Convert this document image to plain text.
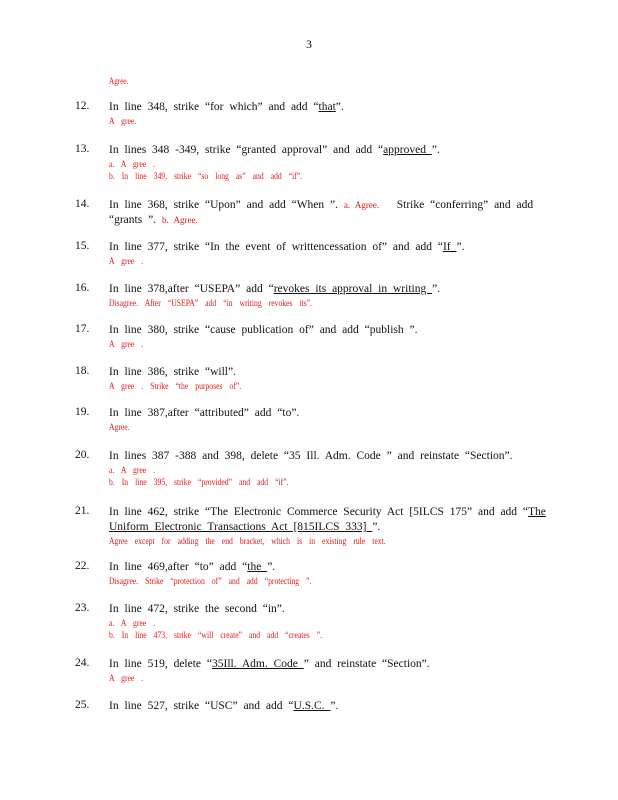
3
Agree.
12.	In line 348, strike “for which” and add “that”.
A gree.
13.	In lines 348 -349, strike “granted approval” and add “approved ”.
a. A gree .
b. In line 349, strike “so long as” and add “if”.
14.	In line 368, strike “Upon” and add “When ”. a. Agree. Strike “conferring” and add
“grants ”. b. Agree.
15.	In line 377, strike “In the event of writtencessation of” and add “If ”.
A gree .
16.	In line 378,after “USEPA” add “revokes its approval in writing ”.
Disagree. After “USEPA” add “in writing revokes its”.
17.	In line 380, strike “cause publication of” and add “publish ”.
A gree .
18.	In line 386, strike “will”.
A gree . Strike “the purposes of”.
19.	In line 387,after “attributed” add “to”.
Agree.
20.	In lines 387 -388 and 398, delete “35 Ill. Adm. Code ” and reinstate “Section”.
a. A gree .
b. In line 395, strike “provided” and add “if”.
21.	In line 462, strike “The Electronic Commerce Security Act [5ILCS 175” and add “The
Uniform Electronic Transactions Act [815ILCS 333] ”.
Agree except for adding the end bracket, which is in existing rule text.
22.	In line 469,after “to” add “the ”.
Disagree. Strike “protection of” and add “protecting ”.
23.	In line 472, strike the second “in”.
a. A gree .
b. In line 473, strike “will create” and add “creates ”.
24.	In line 519, delete “35Ill. Adm. Code ” and reinstate “Section”.
A gree .
25.	In line 527, strike “USC” and add “U.S.C. ”.
